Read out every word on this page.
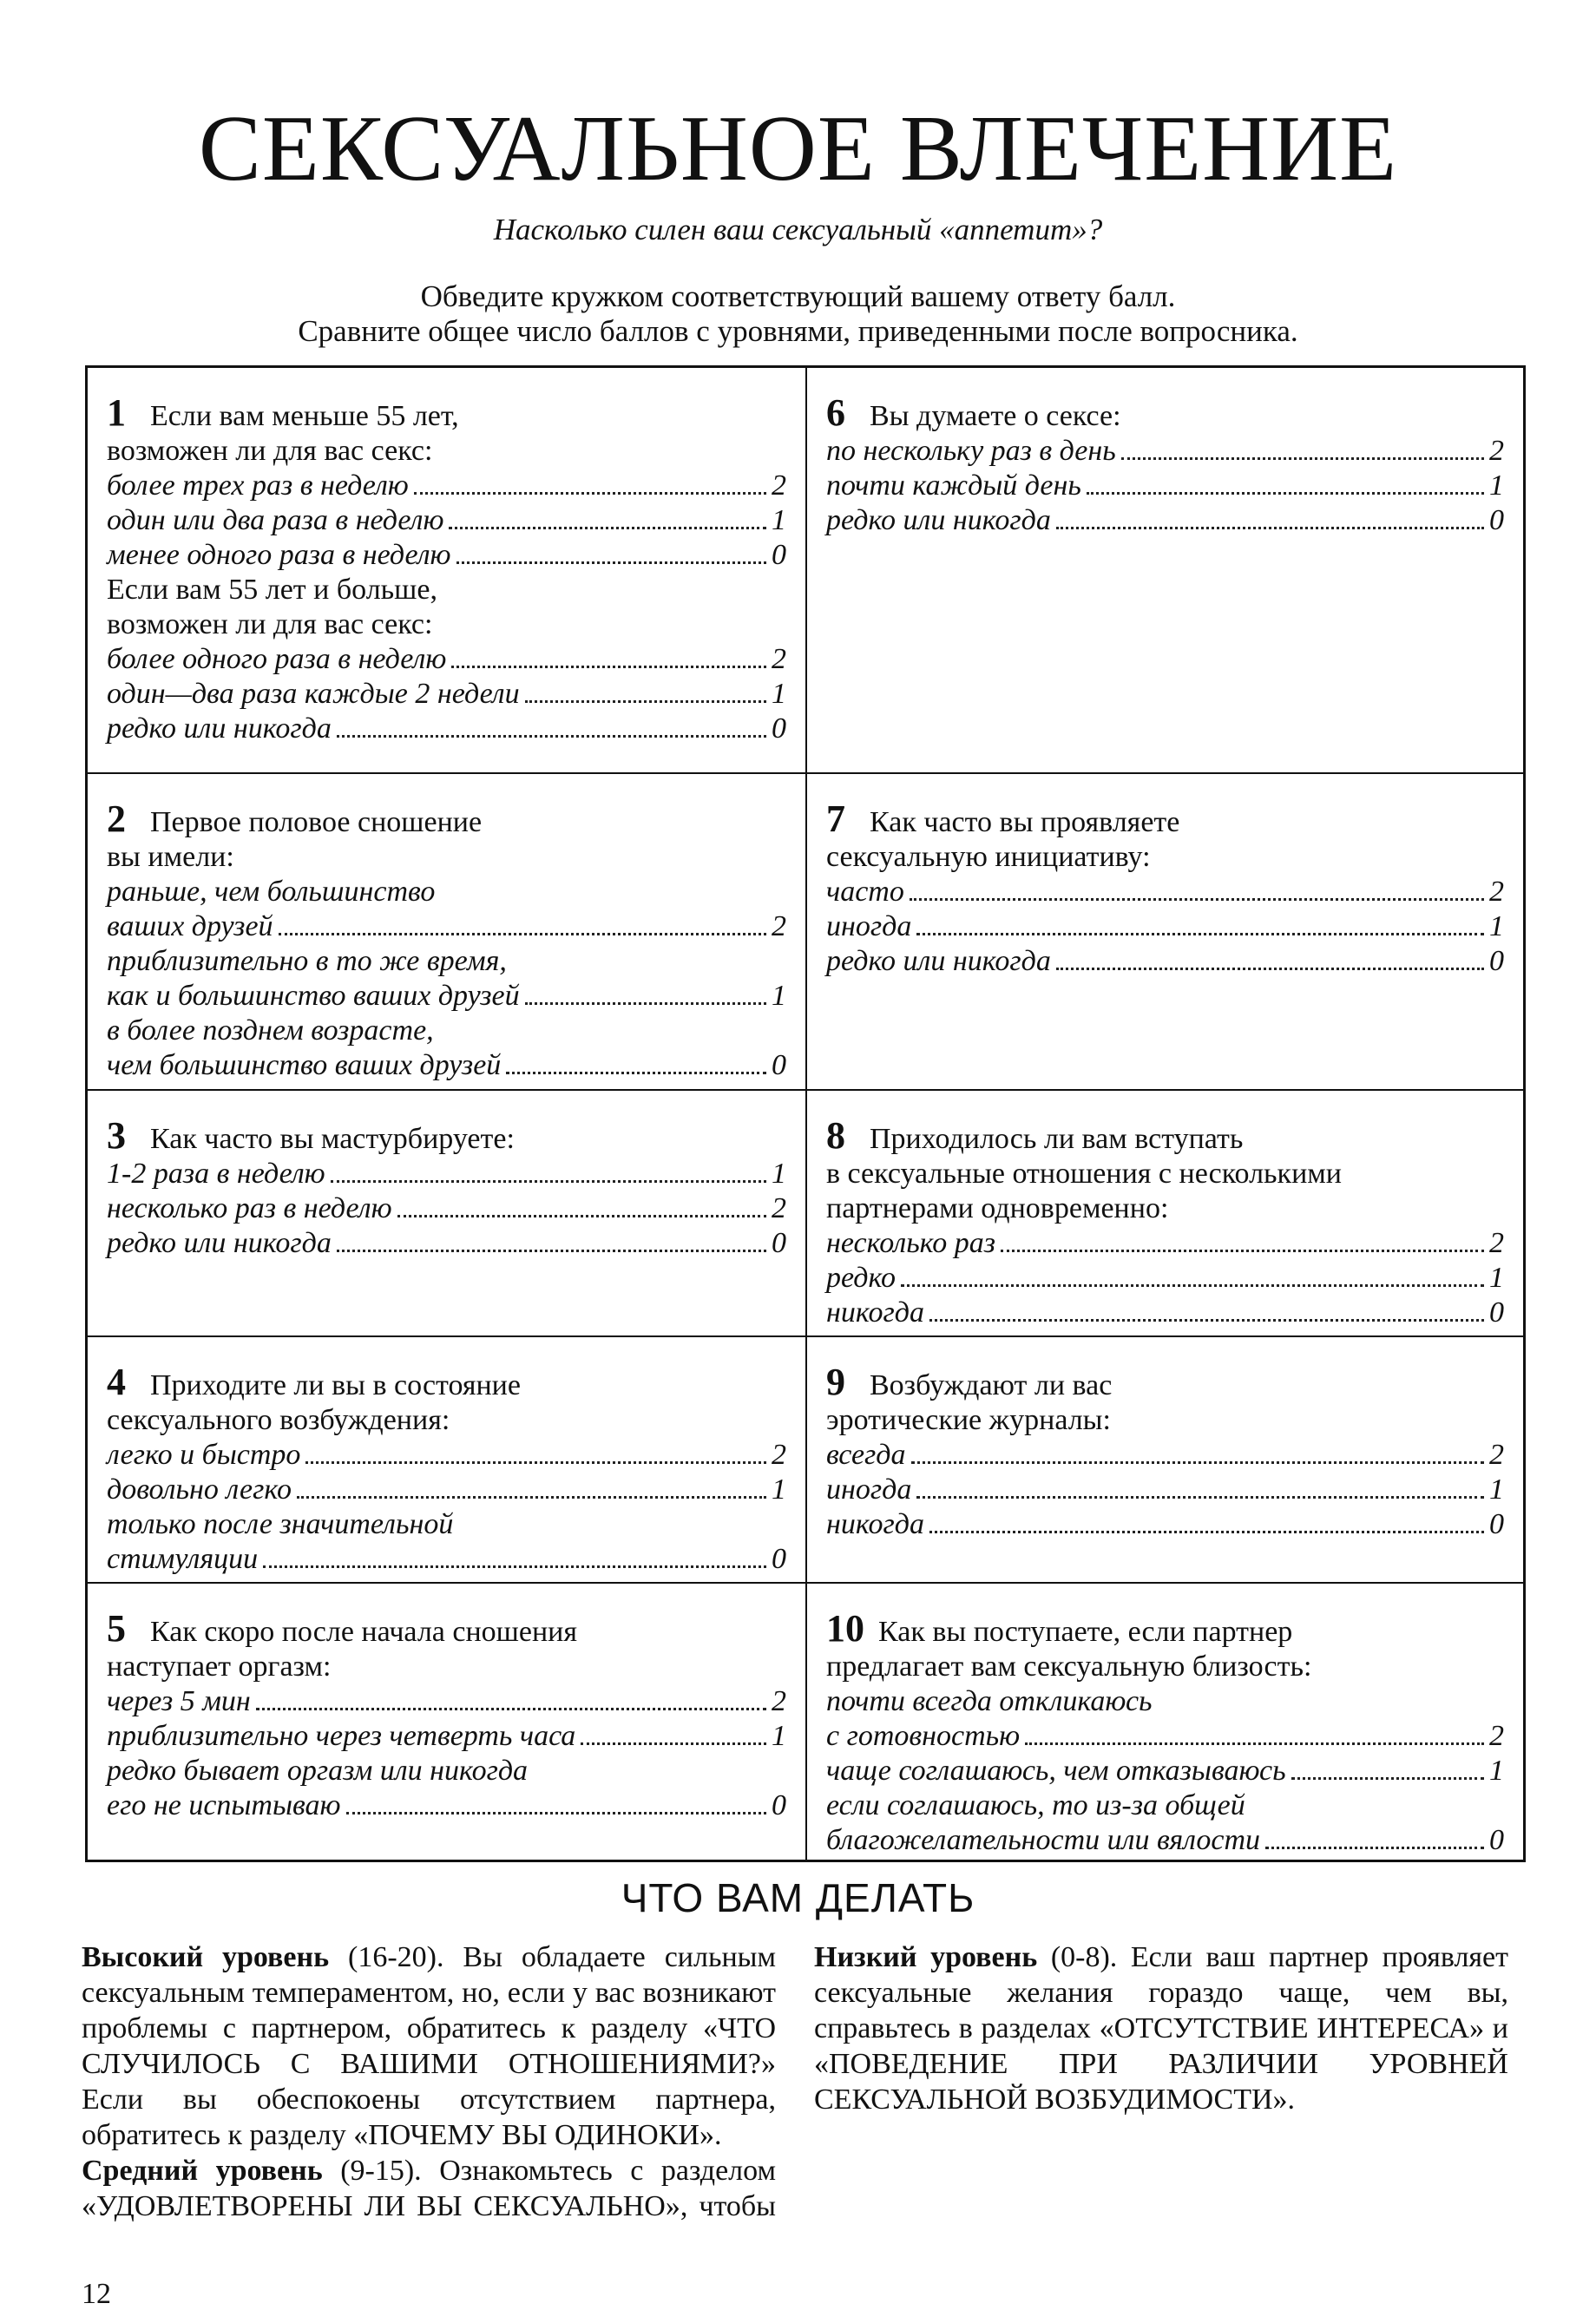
СЕКСУАЛЬНОЕ ВЛЕЧЕНИЕ
Насколько силен ваш сексуальный «аппетит»?
Обведите кружком соответствующий вашему ответу балл.
Сравните общее число баллов с уровнями, приведенными после вопросника.
1 Если вам меньше 55 лет,
возможен ли для вас секс:
более трех раз в неделю	2
один или два раза в неделю	1
менее одного раза в неделю	0
Если вам 55 лет и больше,
возможен ли для вас секс:
более одного раза в неделю	2
один—два раза каждые 2 недели	1
редко или никогда	0
6 Вы думаете о сексе:
по нескольку раз в день	2
почти каждый день	1
редко или никогда	0
2 Первое половое сношение
вы имели:
раньше, чем большинство
ваших друзей	2
приблизительно в то же время,
как и большинство ваших друзей	1
в более позднем возрасте,
чем большинство ваших друзей	0
7 Как часто вы проявляете
сексуальную инициативу:
часто	2
иногда	1
редко или никогда	0
3 Как часто вы мастурбируете:
1-2 раза в неделю	1
несколько раз в неделю	2
редко или никогда	0
8 Приходилось ли вам вступать
в сексуальные отношения с несколькими
партнерами одновременно:
несколько раз	2
редко	1
никогда	0
4 Приходите ли вы в состояние
сексуального возбуждения:
легко и быстро	2
довольно легко	1
только после значительной
стимуляции	0
9 Возбуждают ли вас
эротические журналы:
всегда	2
иногда	1
никогда	0
5 Как скоро после начала сношения
наступает оргазм:
через 5 мин	2
приблизительно через четверть часа	1
редко бывает оргазм или никогда
его не испытываю	0
10 Как вы поступаете, если партнер
предлагает вам сексуальную близость:
почти всегда откликаюсь
с готовностью	2
чаще соглашаюсь, чем отказываюсь	1
если соглашаюсь, то из-за общей
благожелательности или вялости	0
ЧТО ВАМ ДЕЛАТЬ

Высокий уровень (16-20). Вы обладаете сильным сексуальным темпераментом, но, если у вас возникают проблемы с партнером, обратитесь к разделу «ЧТО СЛУЧИЛОСЬ С ВАШИМИ ОТНОШЕНИЯМИ?» Если вы обеспокоены отсутствием партнера, обратитесь к разделу «ПОЧЕМУ ВЫ ОДИНОКИ».

Средний уровень (9-15). Ознакомьтесь с разделом «УДОВЛЕТВОРЕНЫ ЛИ ВЫ СЕКСУАЛЬНО», чтобы

Низкий уровень (0-8). Если ваш партнер проявляет сексуальные желания гораздо чаще, чем вы, справьтесь в разделах «ОТСУТСТВИЕ ИНТЕРЕСА» и «ПОВЕДЕНИЕ ПРИ РАЗЛИЧИИ УРОВНЕЙ СЕКСУАЛЬНОЙ ВОЗБУДИМОСТИ».

12
